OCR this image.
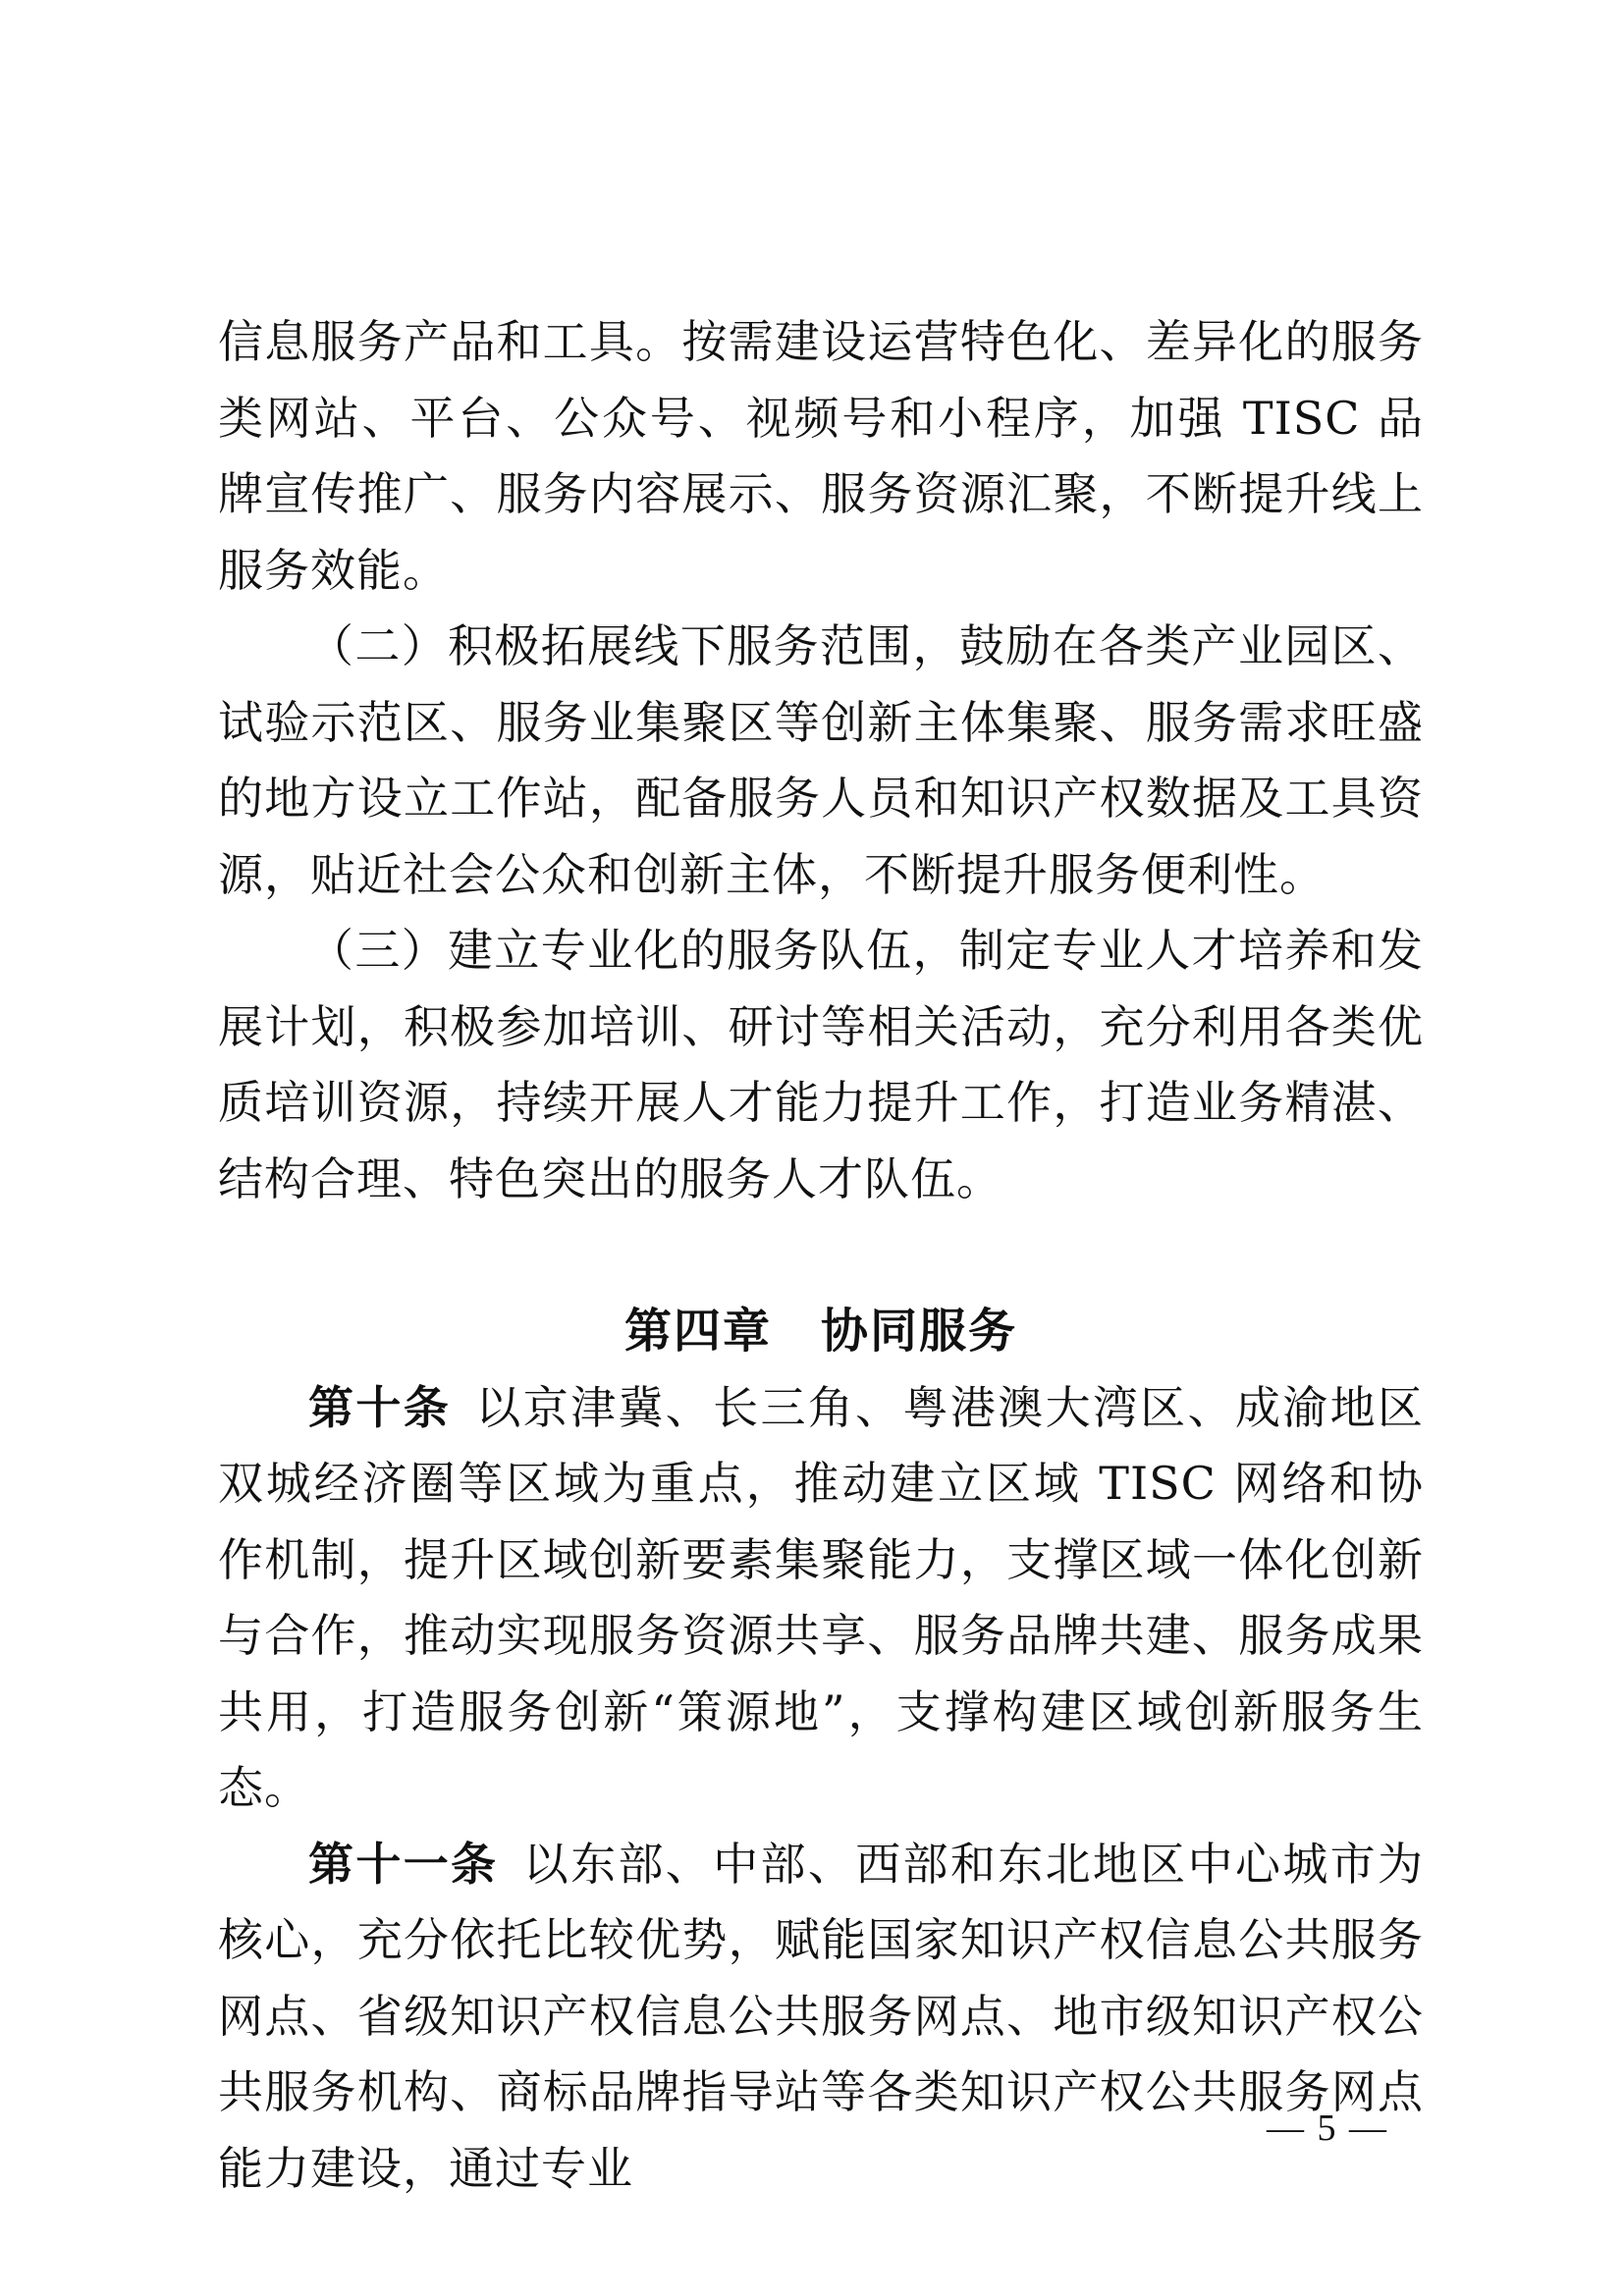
信息服务产品和工具。按需建设运营特色化、差异化的服务类网站、平台、公众号、视频号和小程序，加强 TISC 品牌宣传推广、服务内容展示、服务资源汇聚，不断提升线上服务效能。

（二）积极拓展线下服务范围，鼓励在各类产业园区、试验示范区、服务业集聚区等创新主体集聚、服务需求旺盛的地方设立工作站，配备服务人员和知识产权数据及工具资源，贴近社会公众和创新主体，不断提升服务便利性。

（三）建立专业化的服务队伍，制定专业人才培养和发展计划，积极参加培训、研讨等相关活动，充分利用各类优质培训资源，持续开展人才能力提升工作，打造业务精湛、结构合理、特色突出的服务人才队伍。

第四章　协同服务

第十条  以京津冀、长三角、粤港澳大湾区、成渝地区双城经济圈等区域为重点，推动建立区域 TISC 网络和协作机制，提升区域创新要素集聚能力，支撑区域一体化创新与合作，推动实现服务资源共享、服务品牌共建、服务成果共用，打造服务创新“策源地”，支撑构建区域创新服务生态。

第十一条  以东部、中部、西部和东北地区中心城市为核心，充分依托比较优势，赋能国家知识产权信息公共服务网点、省级知识产权信息公共服务网点、地市级知识产权公共服务机构、商标品牌指导站等各类知识产权公共服务网点能力建设，通过专业

— 5 —
